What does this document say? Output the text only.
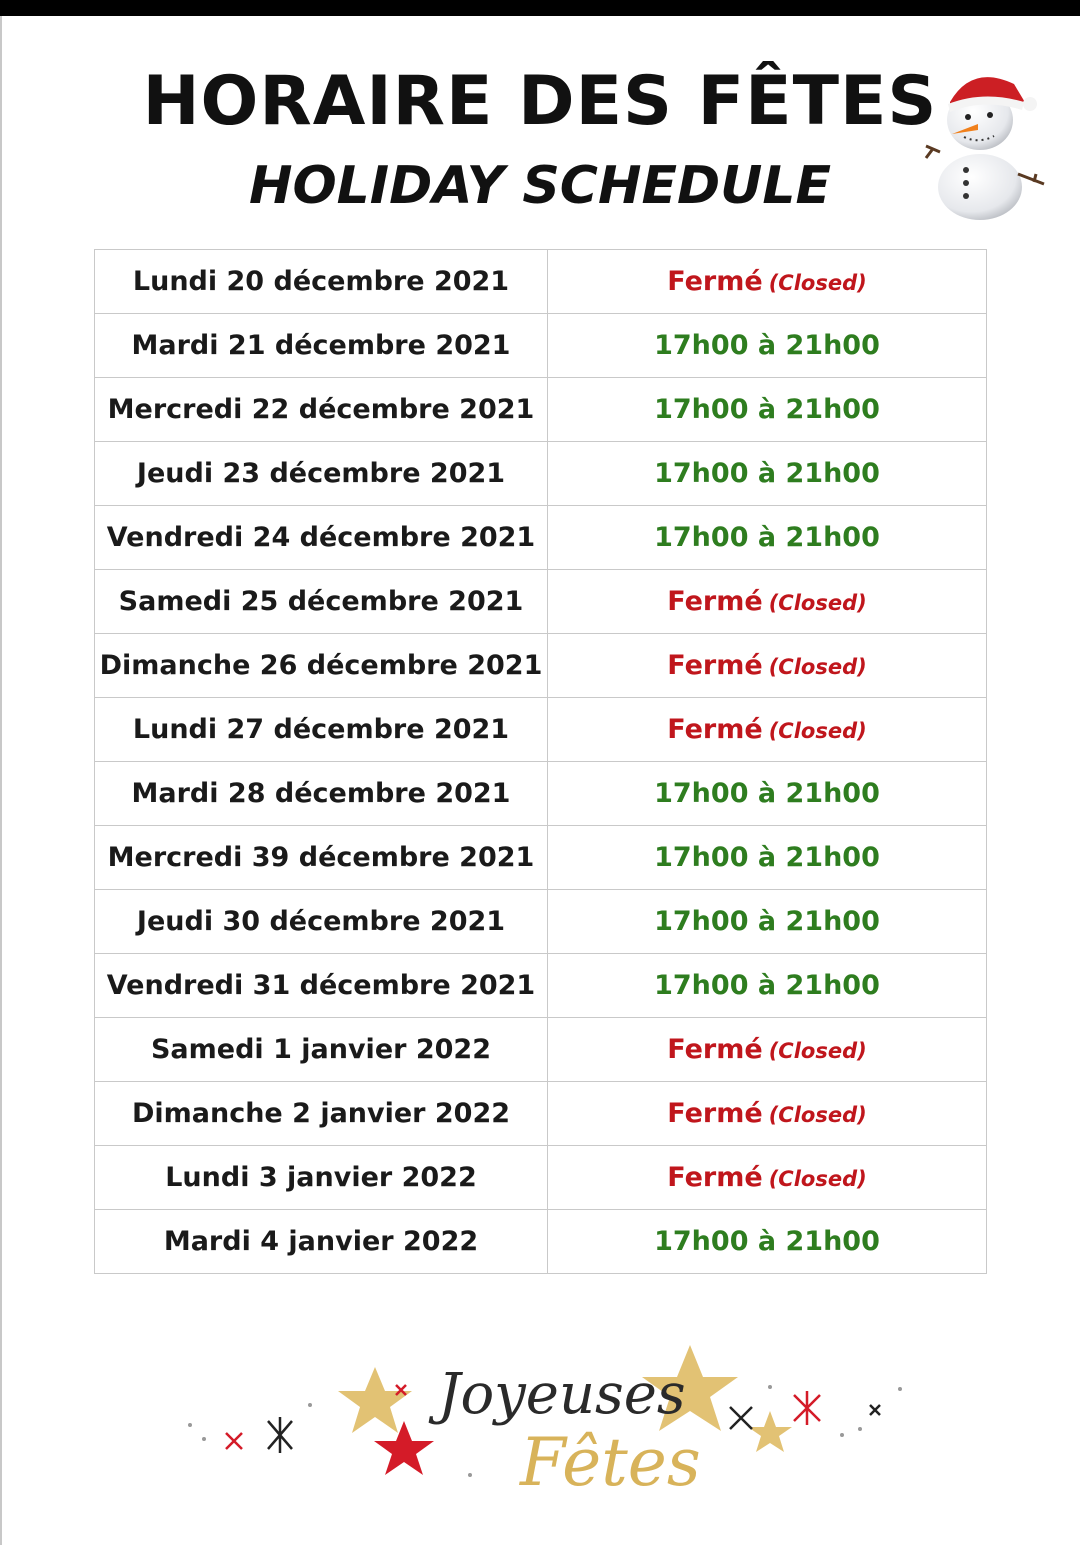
HORAIRE DES FÊTES
HOLIDAY SCHEDULE
Lundi 20 décembre 2021	Fermé (Closed)
Mardi 21 décembre 2021	17h00 à 21h00
Mercredi 22 décembre 2021	17h00 à 21h00
Jeudi 23 décembre 2021	17h00 à 21h00
Vendredi 24 décembre 2021	17h00 à 21h00
Samedi 25 décembre 2021	Fermé (Closed)
Dimanche 26 décembre 2021	Fermé (Closed)
Lundi 27 décembre 2021	Fermé (Closed)
Mardi 28 décembre 2021	17h00 à 21h00
Mercredi 39 décembre 2021	17h00 à 21h00
Jeudi 30 décembre 2021	17h00 à 21h00
Vendredi 31 décembre 2021	17h00 à 21h00
Samedi 1 janvier 2022	Fermé (Closed)
Dimanche 2 janvier 2022	Fermé (Closed)
Lundi 3 janvier 2022	Fermé (Closed)
Mardi 4 janvier 2022	17h00 à 21h00
Joyeuses
Fêtes
